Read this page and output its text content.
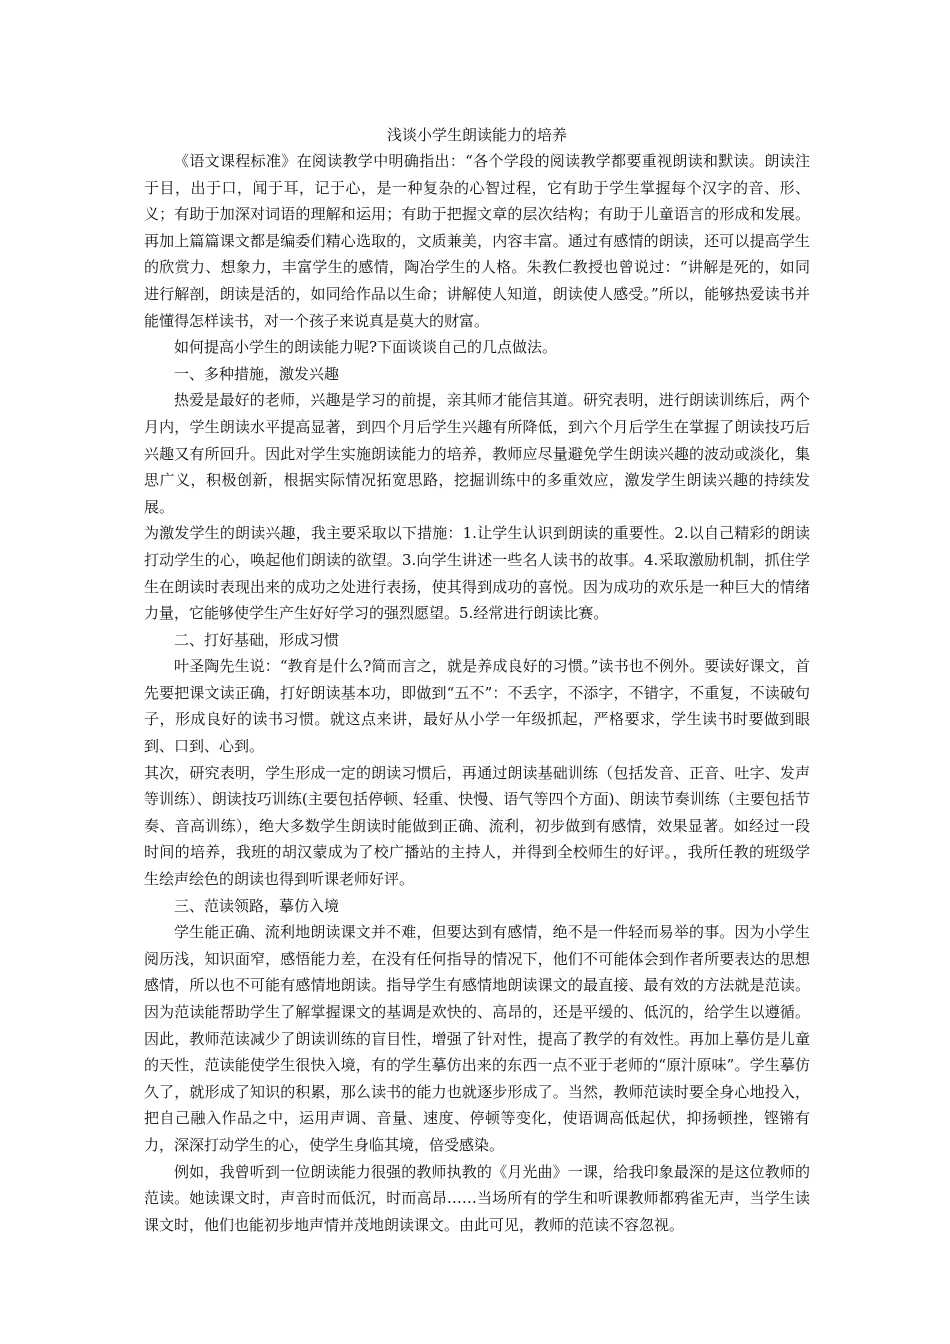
浅谈小学生朗读能力的培养

《语文课程标准》在阅读教学中明确指出：“各个学段的阅读教学都要重视朗读和默读。朗读注于目，出于口，闻于耳，记于心，是一种复杂的心智过程，它有助于学生掌握每个汉字的音、形、义；有助于加深对词语的理解和运用；有助于把握文章的层次结构；有助于儿童语言的形成和发展。再加上篇篇课文都是编委们精心选取的，文质兼美，内容丰富。通过有感情的朗读，还可以提高学生的欣赏力、想象力，丰富学生的感情，陶冶学生的人格。朱教仁教授也曾说过：“讲解是死的，如同进行解剖，朗读是活的，如同给作品以生命；讲解使人知道，朗读使人感受。”所以，能够热爱读书并能懂得怎样读书，对一个孩子来说真是莫大的财富。

如何提高小学生的朗读能力呢?下面谈谈自己的几点做法。

一、多种措施，激发兴趣

热爱是最好的老师，兴趣是学习的前提，亲其师才能信其道。研究表明，进行朗读训练后，两个月内，学生朗读水平提高显著，到四个月后学生兴趣有所降低，到六个月后学生在掌握了朗读技巧后兴趣又有所回升。因此对学生实施朗读能力的培养，教师应尽量避免学生朗读兴趣的波动或淡化，集思广义，积极创新，根据实际情况拓宽思路，挖掘训练中的多重效应，激发学生朗读兴趣的持续发展。

为激发学生的朗读兴趣，我主要采取以下措施：1.让学生认识到朗读的重要性。2.以自己精彩的朗读打动学生的心，唤起他们朗读的欲望。3.向学生讲述一些名人读书的故事。4.采取激励机制，抓住学生在朗读时表现出来的成功之处进行表扬，使其得到成功的喜悦。因为成功的欢乐是一种巨大的情绪力量，它能够使学生产生好好学习的强烈愿望。5.经常进行朗读比赛。

二、打好基础，形成习惯

叶圣陶先生说：“教育是什么?简而言之，就是养成良好的习惯。”读书也不例外。要读好课文，首先要把课文读正确，打好朗读基本功，即做到“五不”：不丢字，不添字，不错字，不重复，不读破句子，形成良好的读书习惯。就这点来讲，最好从小学一年级抓起，严格要求，学生读书时要做到眼到、口到、心到。

其次，研究表明，学生形成一定的朗读习惯后，再通过朗读基础训练（包括发音、正音、吐字、发声等训练）、朗读技巧训练(主要包括停顿、轻重、快慢、语气等四个方面)、朗读节奏训练（主要包括节奏、音高训练），绝大多数学生朗读时能做到正确、流利，初步做到有感情，效果显著。如经过一段时间的培养，我班的胡汉蒙成为了校广播站的主持人，并得到全校师生的好评。，我所任教的班级学生绘声绘色的朗读也得到听课老师好评。

三、范读领路，摹仿入境

学生能正确、流利地朗读课文并不难，但要达到有感情，绝不是一件轻而易举的事。因为小学生阅历浅，知识面窄，感悟能力差，在没有任何指导的情况下，他们不可能体会到作者所要表达的思想感情，所以也不可能有感情地朗读。指导学生有感情地朗读课文的最直接、最有效的方法就是范读。因为范读能帮助学生了解掌握课文的基调是欢快的、高昂的，还是平缓的、低沉的，给学生以遵循。因此，教师范读减少了朗读训练的盲目性，增强了针对性，提高了教学的有效性。再加上摹仿是儿童的天性，范读能使学生很快入境，有的学生摹仿出来的东西一点不亚于老师的“原汁原味”。学生摹仿久了，就形成了知识的积累，那么读书的能力也就逐步形成了。当然，教师范读时要全身心地投入，把自己融入作品之中，运用声调、音量、速度、停顿等变化，使语调高低起伏，抑扬顿挫，铿锵有力，深深打动学生的心，使学生身临其境，倍受感染。

例如，我曾听到一位朗读能力很强的教师执教的《月光曲》一课，给我印象最深的是这位教师的范读。她读课文时，声音时而低沉，时而高昂……当场所有的学生和听课教师都鸦雀无声，当学生读课文时，他们也能初步地声情并茂地朗读课文。由此可见，教师的范读不容忽视。
